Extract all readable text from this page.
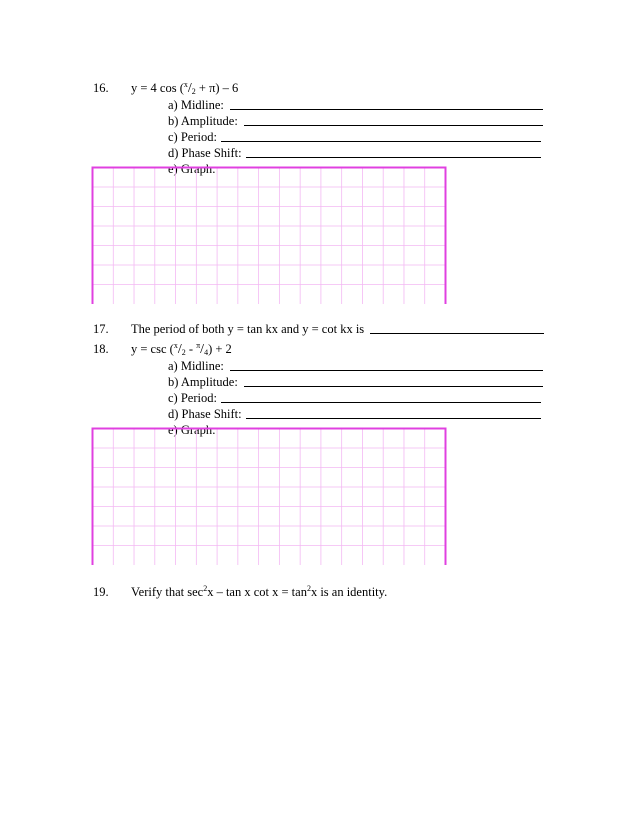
16. y = 4 $\cos (^x/_2 + \pi) - 6$
a) Midline:
b) Amplitude:
c) Period:
d) Phase Shift:
e) Graph:
17. The period of both y = tan kx and y = cot kx is
18. $y = \csc (^x/_2 - ^\pi/_4) + 2$
a) Midline:
b) Amplitude:
c) Period:
d) Phase Shift:
e) Graph:
19. Verify that $\sec^2x$ – tan x $\cot x = \tan^2x$ is an identity.
